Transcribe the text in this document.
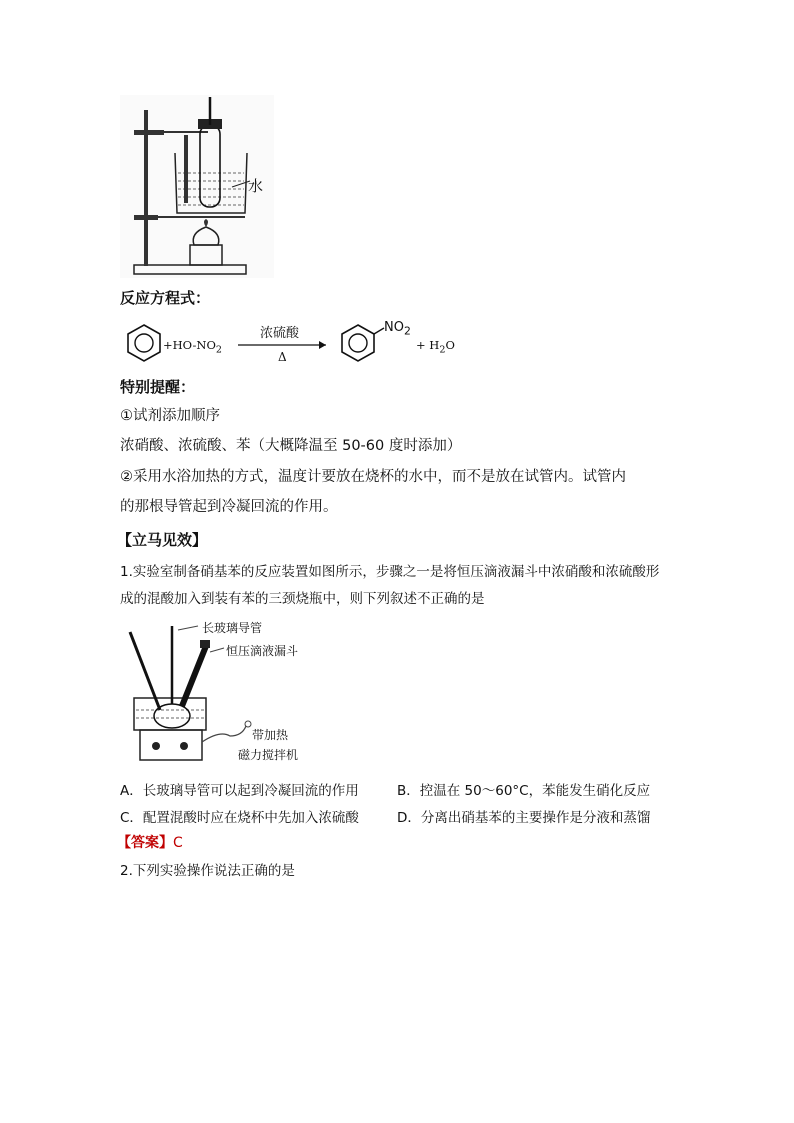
水
反应方程式：
$+HO-NO_2$
浓硫酸
Δ
$NO_2$
+ $H_2O$
特别提醒：
①试剂添加顺序
浓硝酸、浓硫酸、苯（大概降温至 50-60 度时添加）
②采用水浴加热的方式，温度计要放在烧杯的水中，而不是放在试管内。试管内
的那根导管起到冷凝回流的作用。
【立马见效】
1.实验室制备硝基苯的反应装置如图所示，步骤之一是将恒压滴液漏斗中浓硝酸和浓硫酸形
成的混酸加入到装有苯的三颈烧瓶中，则下列叙述不正确的是
长玻璃导管
恒压滴液漏斗
带加热
磁力搅拌机
A．长玻璃导管可以起到冷凝回流的作用	B．控温在 50～60°C，苯能发生硝化反应
C．配置混酸时应在烧杯中先加入浓硫酸	D．分离出硝基苯的主要操作是分液和蒸馏
【答案】C
2.下列实验操作说法正确的是
